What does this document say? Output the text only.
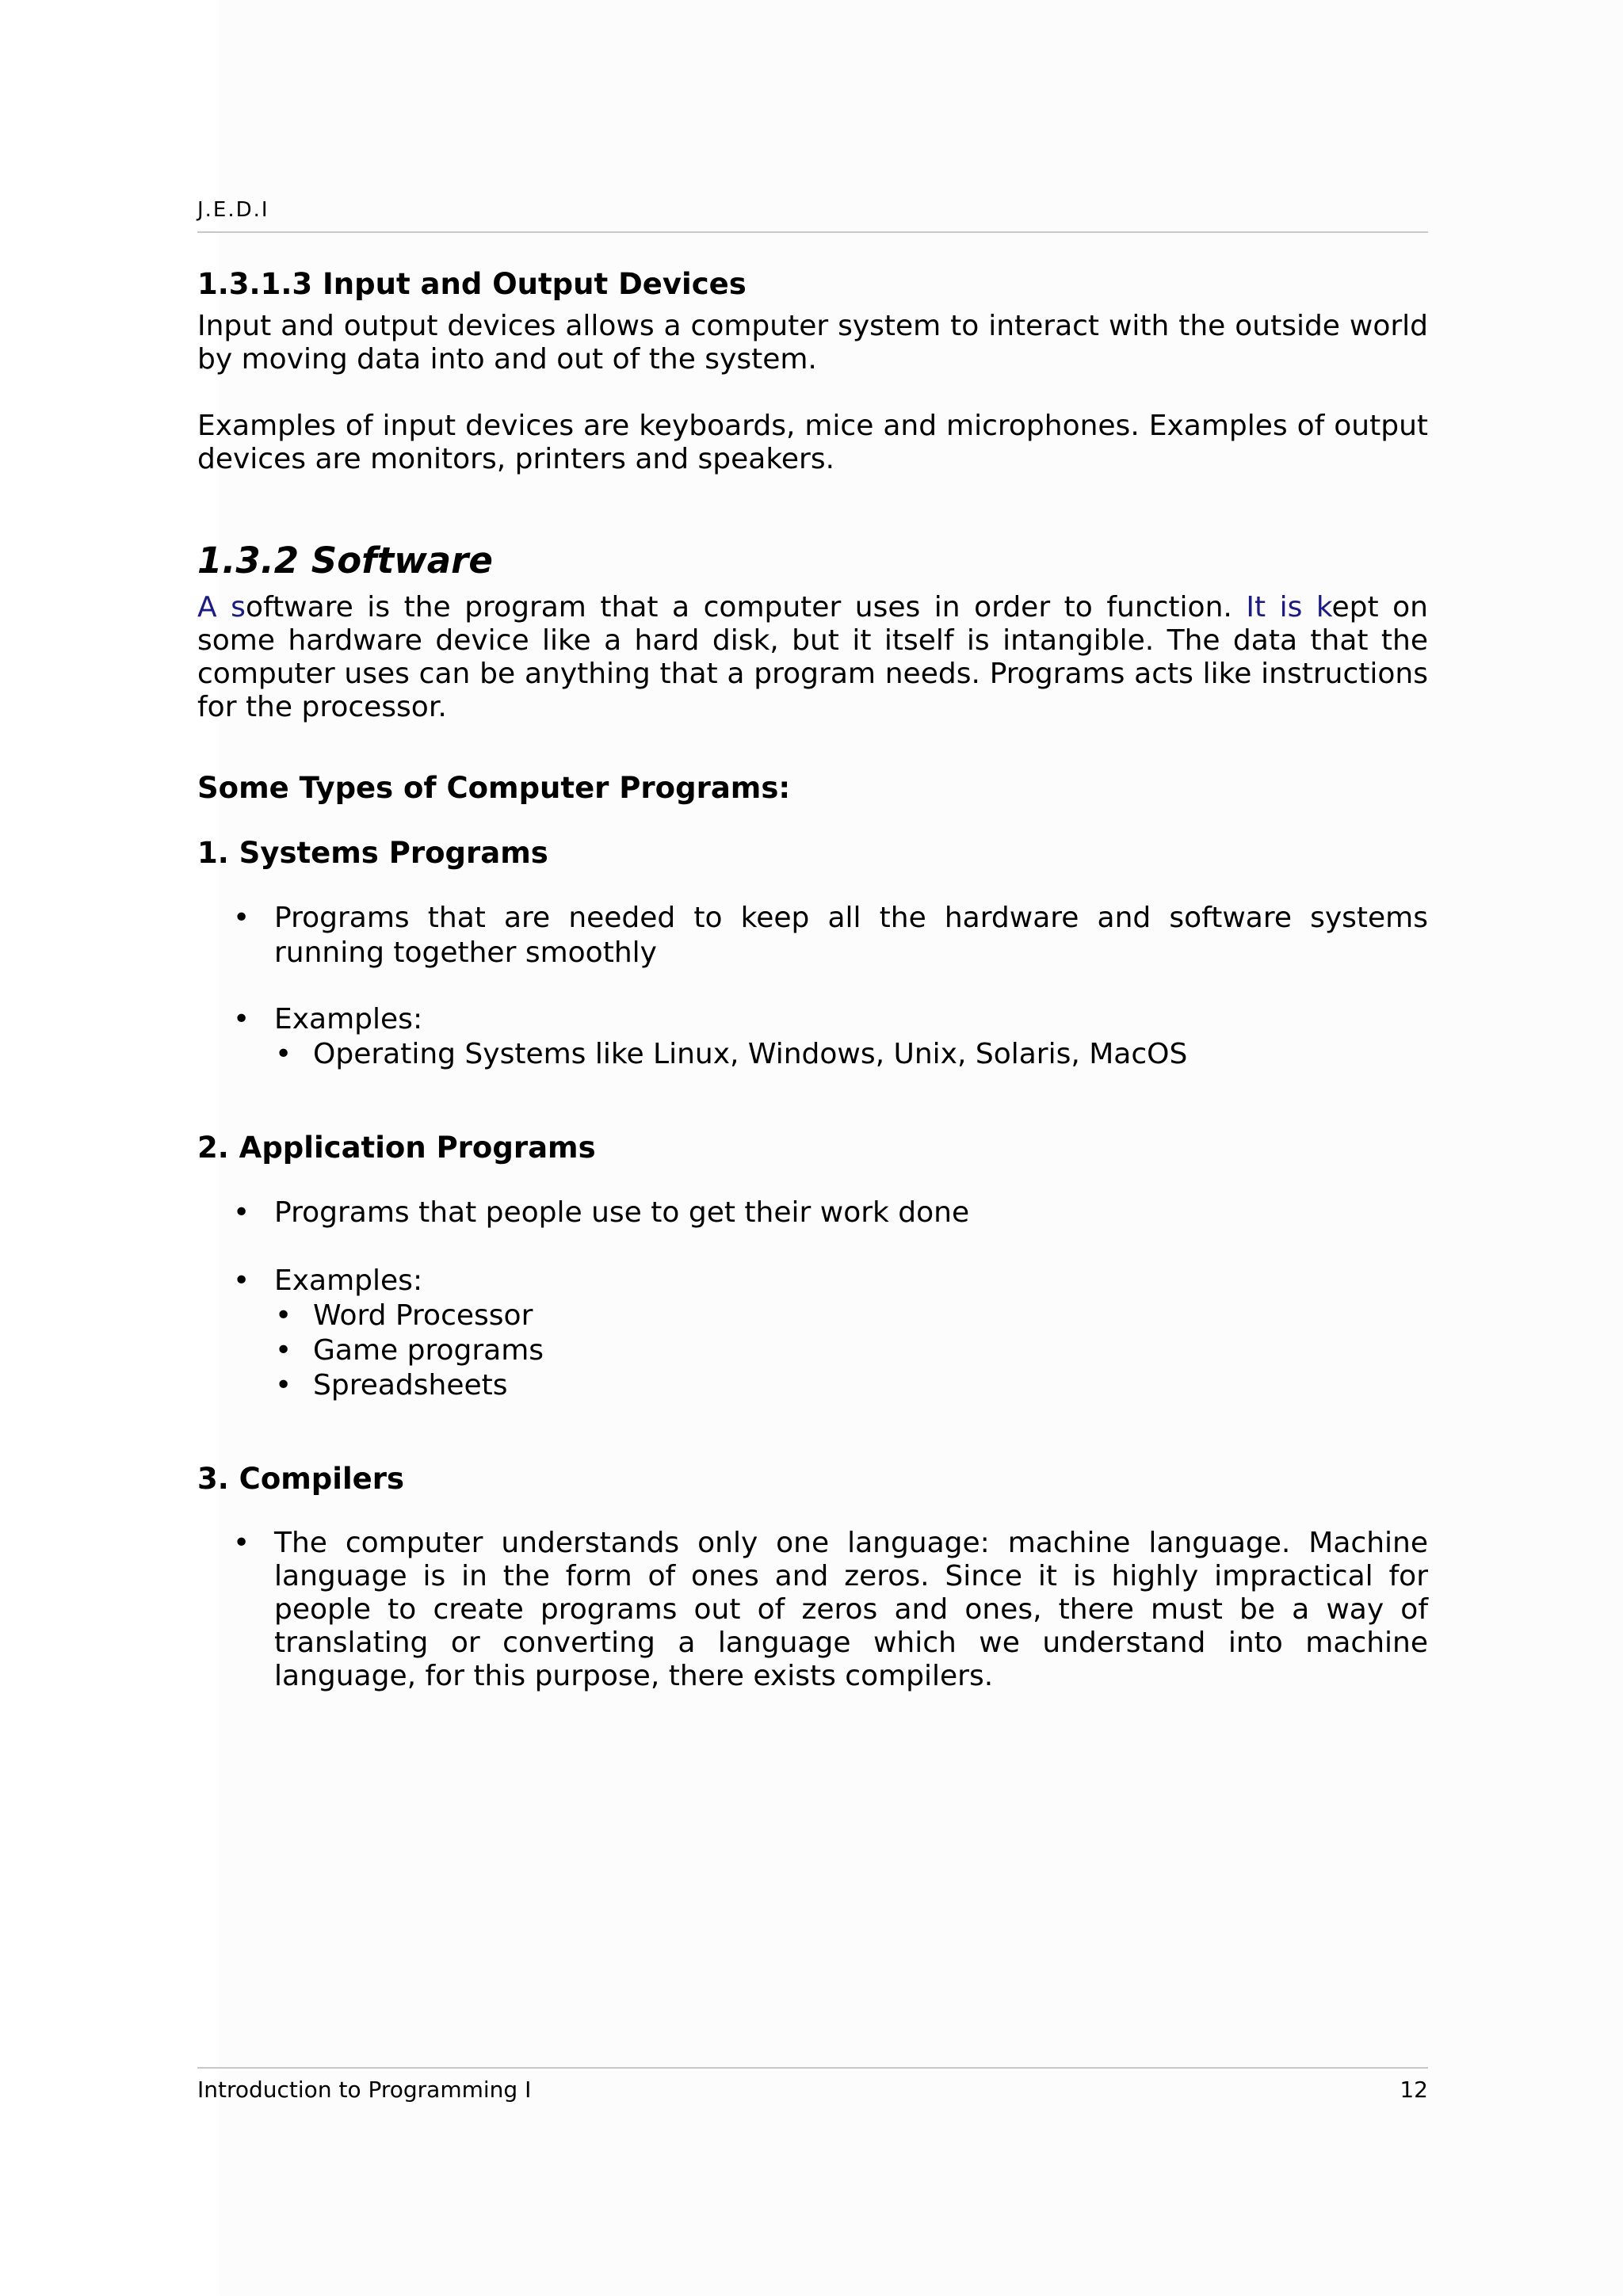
J.E.D.I
1.3.1.3 Input and Output Devices

Input and output devices allows a computer system to interact with the outside world by moving data into and out of the system.

Examples of input devices are keyboards, mice and microphones. Examples of output devices are monitors, printers and speakers.

1.3.2 Software

A software is the program that a computer uses in order to function. It is kept on some hardware device like a hard disk, but it itself is intangible. The data that the computer uses can be anything that a program needs. Programs acts like instructions for the processor.

Some Types of Computer Programs:
1. Systems Programs
• Programs that are needed to keep all the hardware and software systems running together smoothly
• Examples:
• Operating Systems like Linux, Windows, Unix, Solaris, MacOS
2. Application Programs
• Programs that people use to get their work done
• Examples:
• Word Processor
• Game programs
• Spreadsheets
3. Compilers
• The computer understands only one language: machine language. Machine language is in the form of ones and zeros. Since it is highly impractical for people to create programs out of zeros and ones, there must be a way of translating or converting a language which we understand into machine language, for this purpose, there exists compilers.
Introduction to Programming I	12
